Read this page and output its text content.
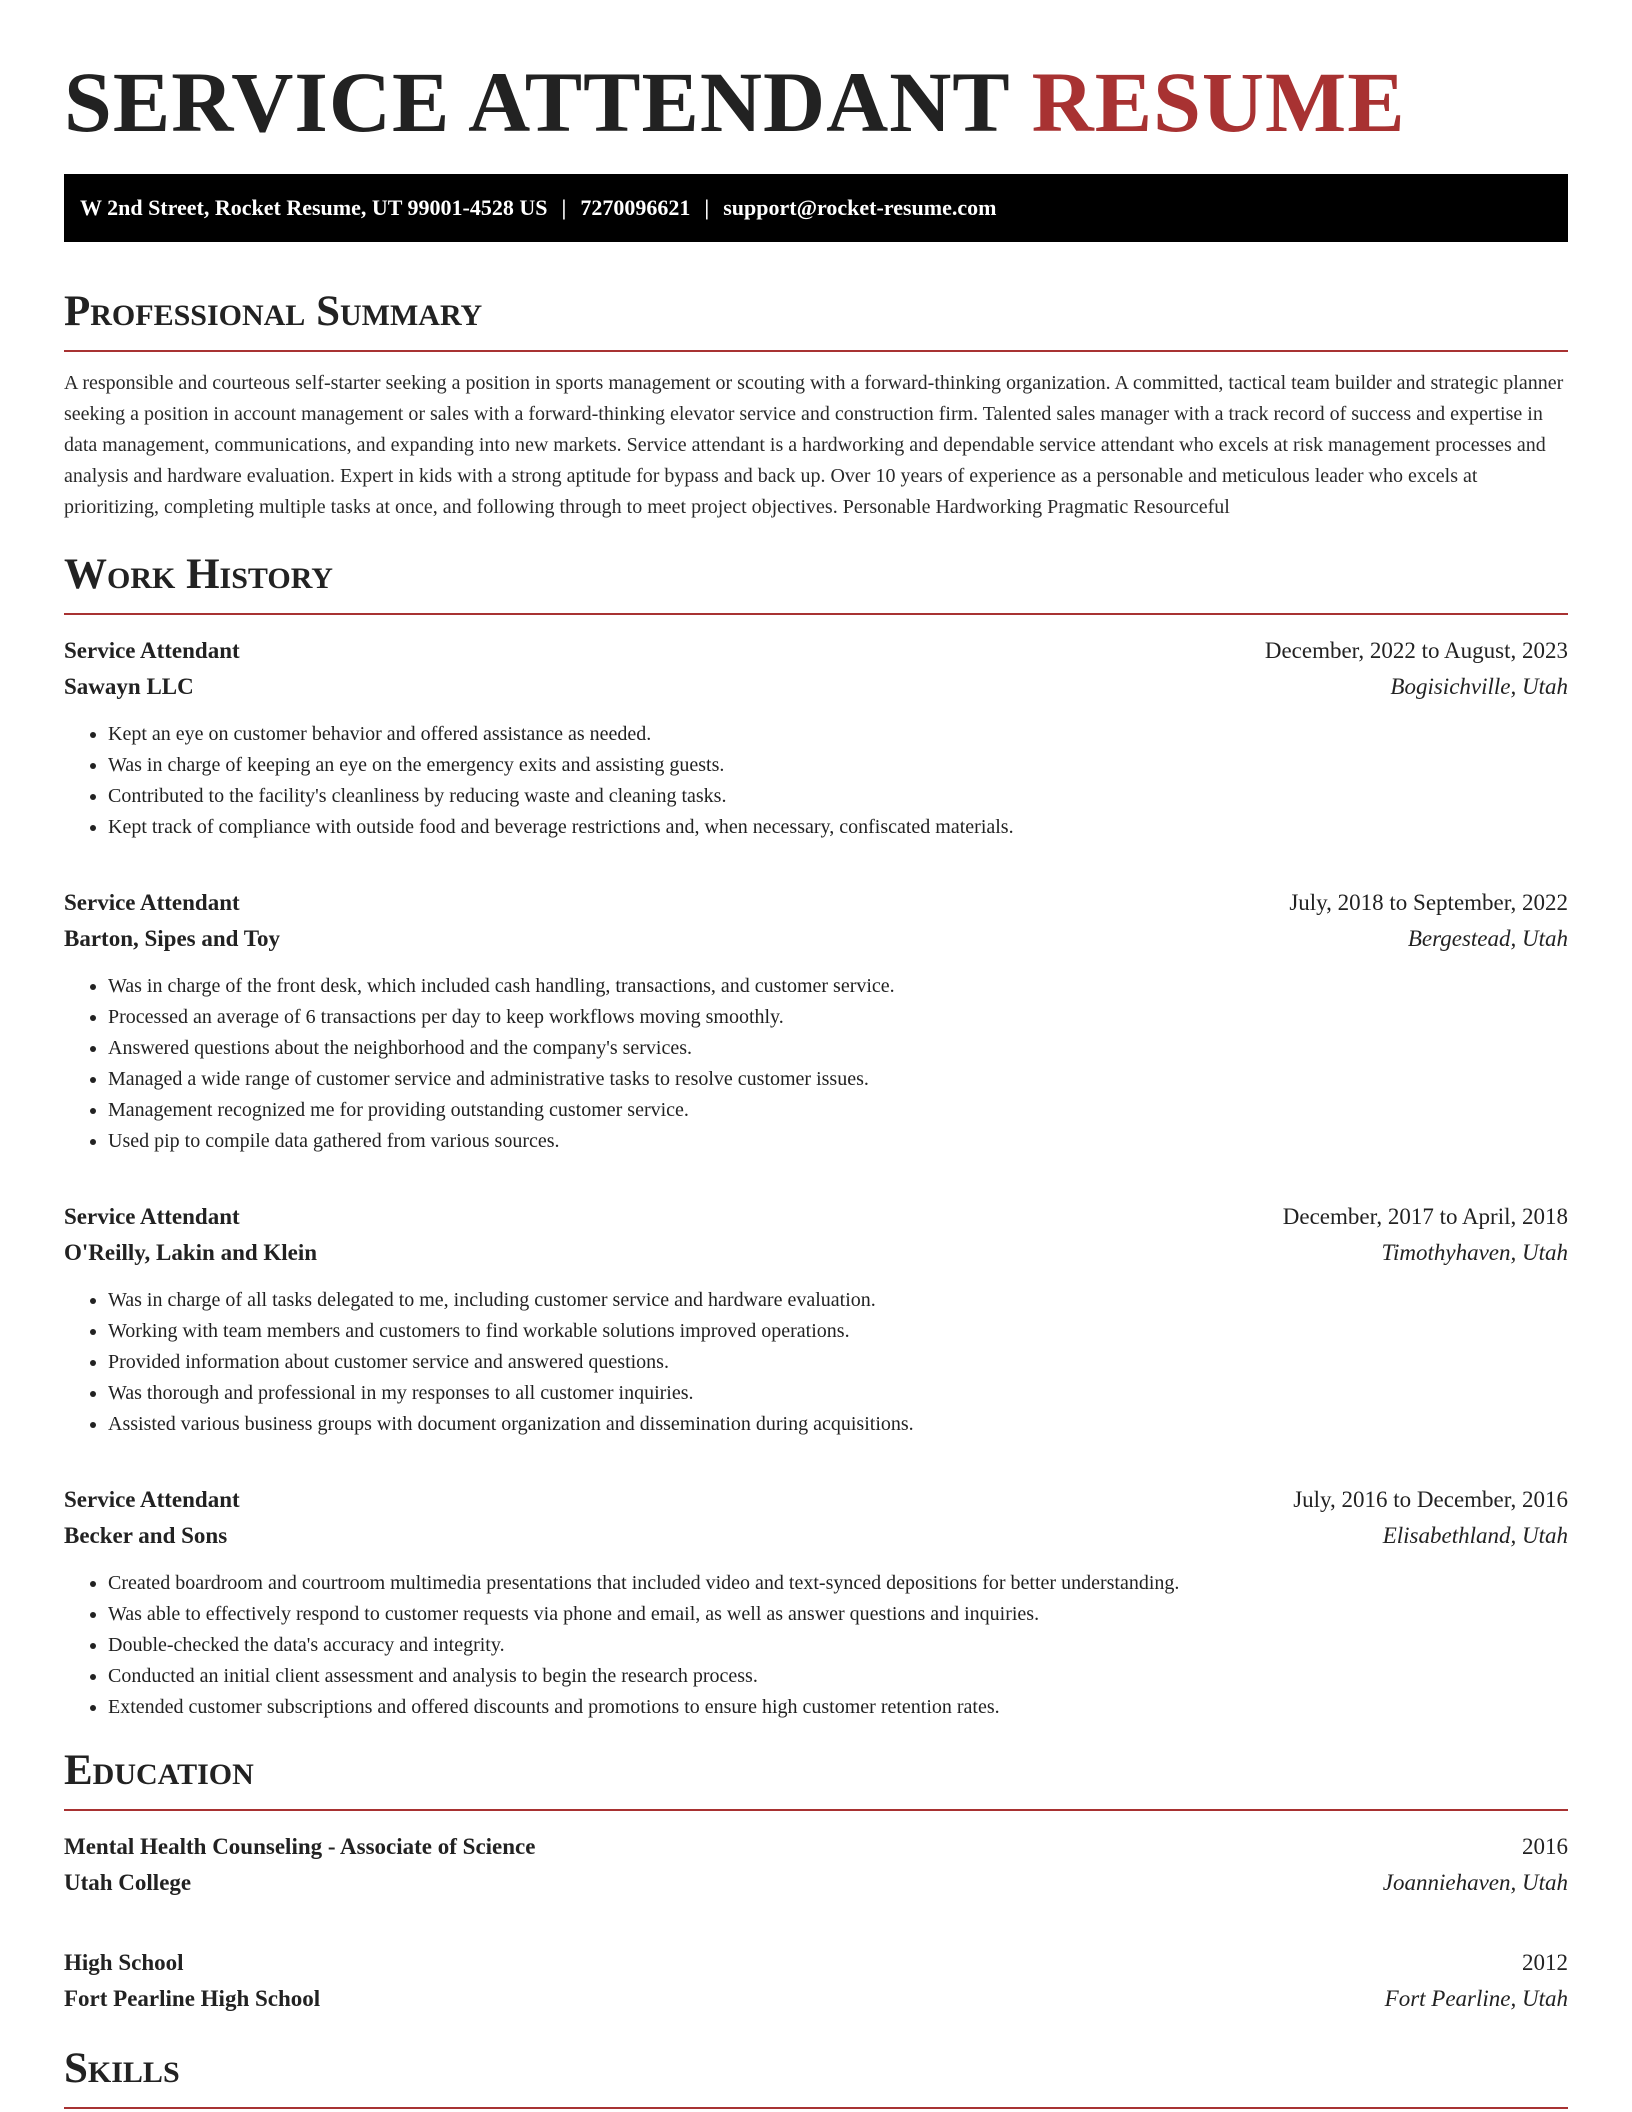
SERVICE ATTENDANT RESUME
W 2nd Street, Rocket Resume, UT 99001-4528 US | 7270096621 | support@rocket-resume.com
Professional Summary

A responsible and courteous self-starter seeking a position in sports management or scouting with a forward-thinking organization. A committed, tactical team builder and strategic planner seeking a position in account management or sales with a forward-thinking elevator service and construction firm. Talented sales manager with a track record of success and expertise in data management, communications, and expanding into new markets. Service attendant is a hardworking and dependable service attendant who excels at risk management processes and analysis and hardware evaluation. Expert in kids with a strong aptitude for bypass and back up. Over 10 years of experience as a personable and meticulous leader who excels at prioritizing, completing multiple tasks at once, and following through to meet project objectives. Personable Hardworking Pragmatic Resourceful

Work History
Service Attendant	December, 2022 to August, 2023
Sawayn LLC	Bogisichville, Utah
• Kept an eye on customer behavior and offered assistance as needed.
• Was in charge of keeping an eye on the emergency exits and assisting guests.
• Contributed to the facility's cleanliness by reducing waste and cleaning tasks.
• Kept track of compliance with outside food and beverage restrictions and, when necessary, confiscated materials.
Service Attendant	July, 2018 to September, 2022
Barton, Sipes and Toy	Bergestead, Utah
• Was in charge of the front desk, which included cash handling, transactions, and customer service.
• Processed an average of 6 transactions per day to keep workflows moving smoothly.
• Answered questions about the neighborhood and the company's services.
• Managed a wide range of customer service and administrative tasks to resolve customer issues.
• Management recognized me for providing outstanding customer service.
• Used pip to compile data gathered from various sources.
Service Attendant	December, 2017 to April, 2018
O'Reilly, Lakin and Klein	Timothyhaven, Utah
• Was in charge of all tasks delegated to me, including customer service and hardware evaluation.
• Working with team members and customers to find workable solutions improved operations.
• Provided information about customer service and answered questions.
• Was thorough and professional in my responses to all customer inquiries.
• Assisted various business groups with document organization and dissemination during acquisitions.
Service Attendant	July, 2016 to December, 2016
Becker and Sons	Elisabethland, Utah
• Created boardroom and courtroom multimedia presentations that included video and text-synced depositions for better understanding.
• Was able to effectively respond to customer requests via phone and email, as well as answer questions and inquiries.
• Double-checked the data's accuracy and integrity.
• Conducted an initial client assessment and analysis to begin the research process.
• Extended customer subscriptions and offered discounts and promotions to ensure high customer retention rates.
Education
Mental Health Counseling - Associate of Science	2016
Utah College	Joanniehaven, Utah
High School	2012
Fort Pearline High School	Fort Pearline, Utah
Skills
